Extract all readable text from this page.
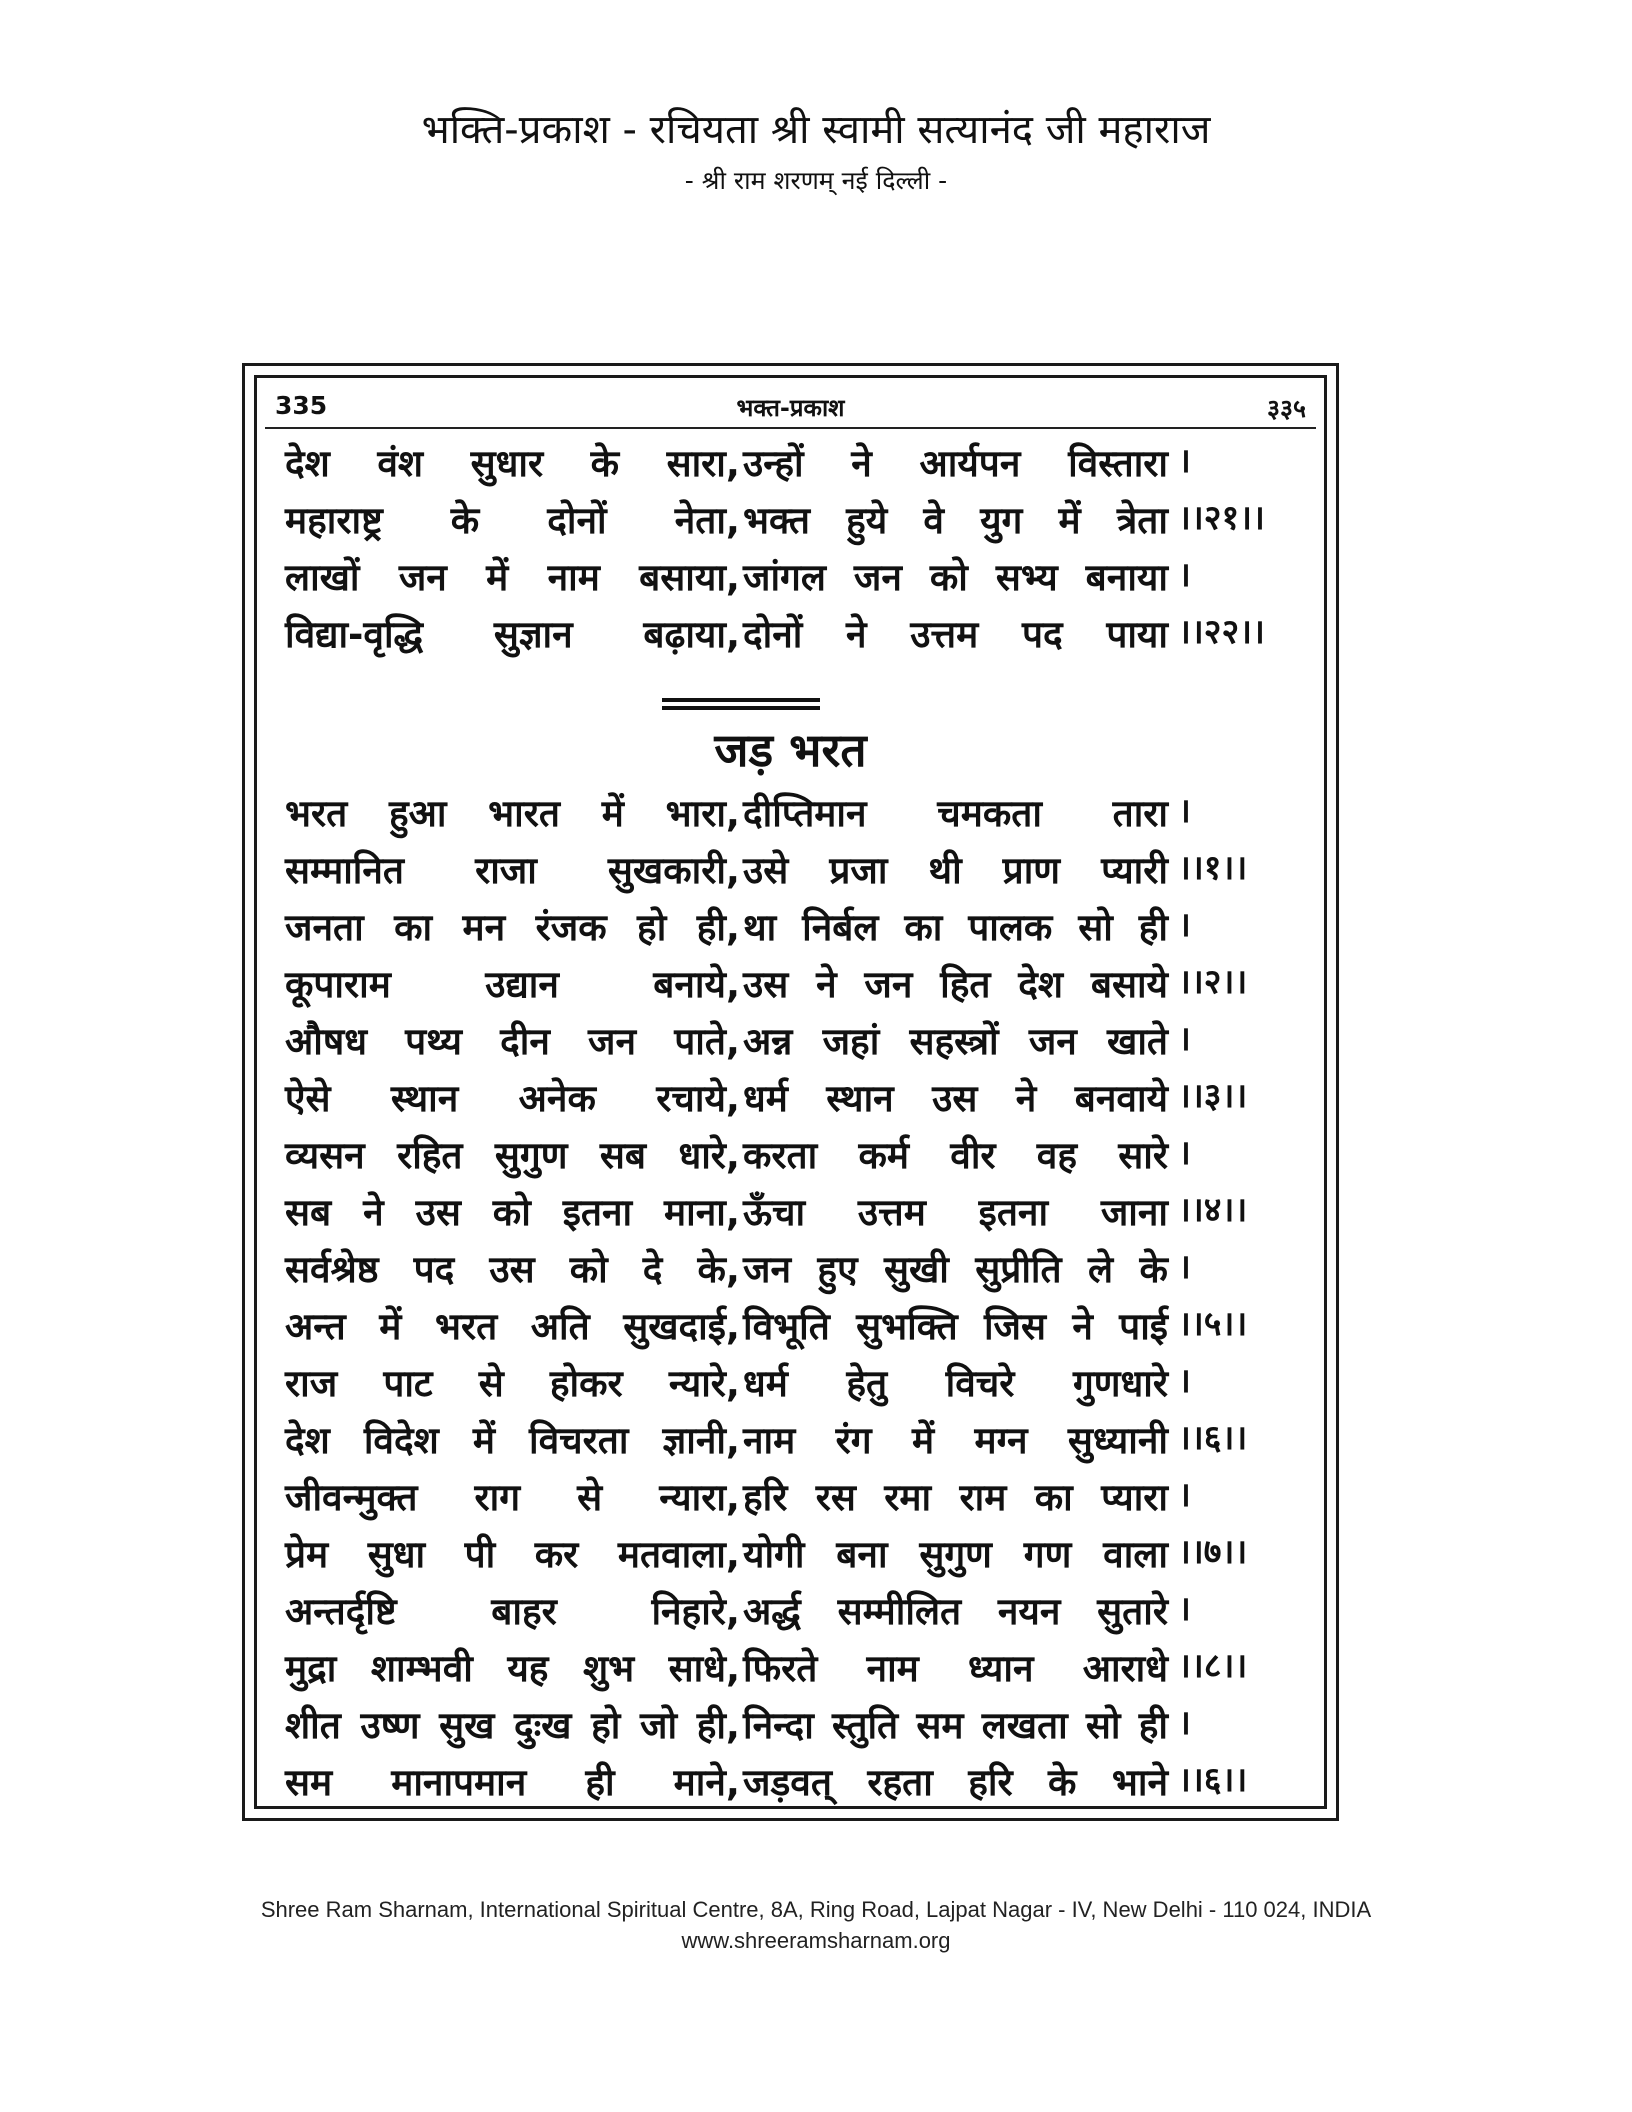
भक्ति-प्रकाश - रचियता श्री स्वामी सत्यानंद जी महाराज
- श्री राम शरणम् नई दिल्ली -
335	भक्त-प्रकाश	३३५
देश वंश सुधार के सारा, उन्हों ने आर्यपन विस्तारा ।
महाराष्ट्र के दोनों नेता, भक्त हुये वे युग में त्रेता ।।२१।।
लाखों जन में नाम बसाया, जांगल जन को सभ्य बनाया ।
विद्या-वृद्धि सुज्ञान बढ़ाया, दोनों ने उत्तम पद पाया ।।२२।।
जड़ भरत
भरत हुआ भारत में भारा, दीप्तिमान चमकता तारा ।
सम्मानित राजा सुखकारी, उसे प्रजा थी प्राण प्यारी ।।१।।
जनता का मन रंजक हो ही, था निर्बल का पालक सो ही ।
कूपाराम	उद्यान	बनाये, उस ने जन हित देश बसाये ।।२।।
औषध पथ्य दीन जन पाते, अन्न जहां सहस्त्रों जन खाते ।
ऐसे स्थान अनेक रचाये, धर्म स्थान उस ने बनवाये ।।३।।
व्यसन रहित सुगुण सब धारे, करता कर्म वीर वह सारे ।
सब ने उस को इतना माना, ऊँचा उत्तम इतना जाना ।।४।।
सर्वश्रेष्ठ पद उस को दे के, जन हुए सुखी सुप्रीति ले के ।
अन्त में भरत अति सुखदाई, विभूति सुभक्ति जिस ने पाई ।।५।।
राज पाट से होकर न्यारे, धर्म हेतु विचरे गुणधारे ।
देश विदेश में विचरता ज्ञानी, नाम रंग में मग्न सुध्यानी ।।६।।
जीवन्मुक्त राग से न्यारा, हरि रस रमा राम का प्यारा ।
प्रेम सुधा पी कर मतवाला, योगी बना सुगुण गण वाला ।।७।।
अन्तर्दृष्टि	बाहर	निहारे, अर्द्ध सम्मीलित नयन सुतारे ।
मुद्रा शाम्भवी यह शुभ साधे, फिरते नाम ध्यान आराधे ।।८।।
शीत उष्ण सुख दुःख हो जो ही, निन्दा स्तुति सम लखता सो ही ।
सम मानापमान ही माने, जड़वत् रहता हरि के भाने ।।६।।
Shree Ram Sharnam, International Spiritual Centre, 8A, Ring Road, Lajpat Nagar - IV, New Delhi - 110 024, INDIA
www.shreeramsharnam.org
